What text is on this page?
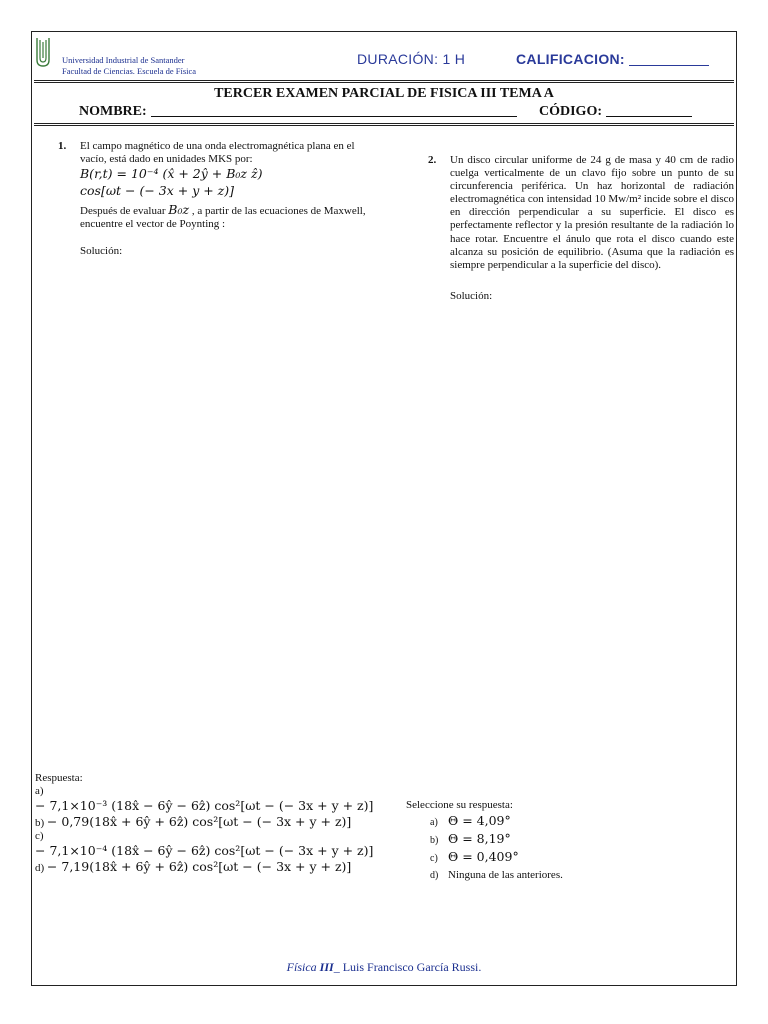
Universidad Industrial de Santander
Facultad de Ciencias. Escuela de Física
DURACIÓN: 1 H	CALIFICACION:
TERCER EXAMEN PARCIAL DE FISICA III TEMA A
NOMBRE:	CÓDIGO:
1. El campo magnético de una onda electromagnética plana en el vacío, está dado en unidades MKS por:
B(r,t) = 10⁻⁴ (x̂ + 2ŷ + B₀z ẑ)
cos[ωt − (− 3x + y + z)]
Después de evaluar B₀z , a partir de las ecuaciones de Maxwell, encuentre el vector de Poynting :
Solución:
2. Un disco circular uniforme de 24 g de masa y 40 cm de radio cuelga verticalmente de un clavo fijo sobre un punto de su circunferencia periférica. Un haz horizontal de radiación electromagnética con intensidad 10 Mw/m² incide sobre el disco en dirección perpendicular a su superficie. El disco es perfectamente reflector y la presión resultante de la radiación lo hace rotar. Encuentre el ánulo que rota el disco cuando este alcanza su posición de equilibrio. (Asuma que la radiación es siempre perpendicular a la superficie del disco).
Solución:
Respuesta:
a)
− 7,1×10⁻³ (18x̂ − 6ŷ − 6ẑ) cos²[ωt − (− 3x + y + z)]
b) − 0,79(18x̂ + 6ŷ + 6ẑ) cos²[ωt − (− 3x + y + z)]
c)
− 7,1×10⁻⁴ (18x̂ − 6ŷ − 6ẑ) cos²[ωt − (− 3x + y + z)]
d) − 7,19(18x̂ + 6ŷ + 6ẑ) cos²[ωt − (− 3x + y + z)]
Seleccione su respuesta:
a) Θ = 4,09°
b) Θ = 8,19°
c) Θ = 0,409°
d) Ninguna de las anteriores.
Física III_ Luis Francisco García Russi.
